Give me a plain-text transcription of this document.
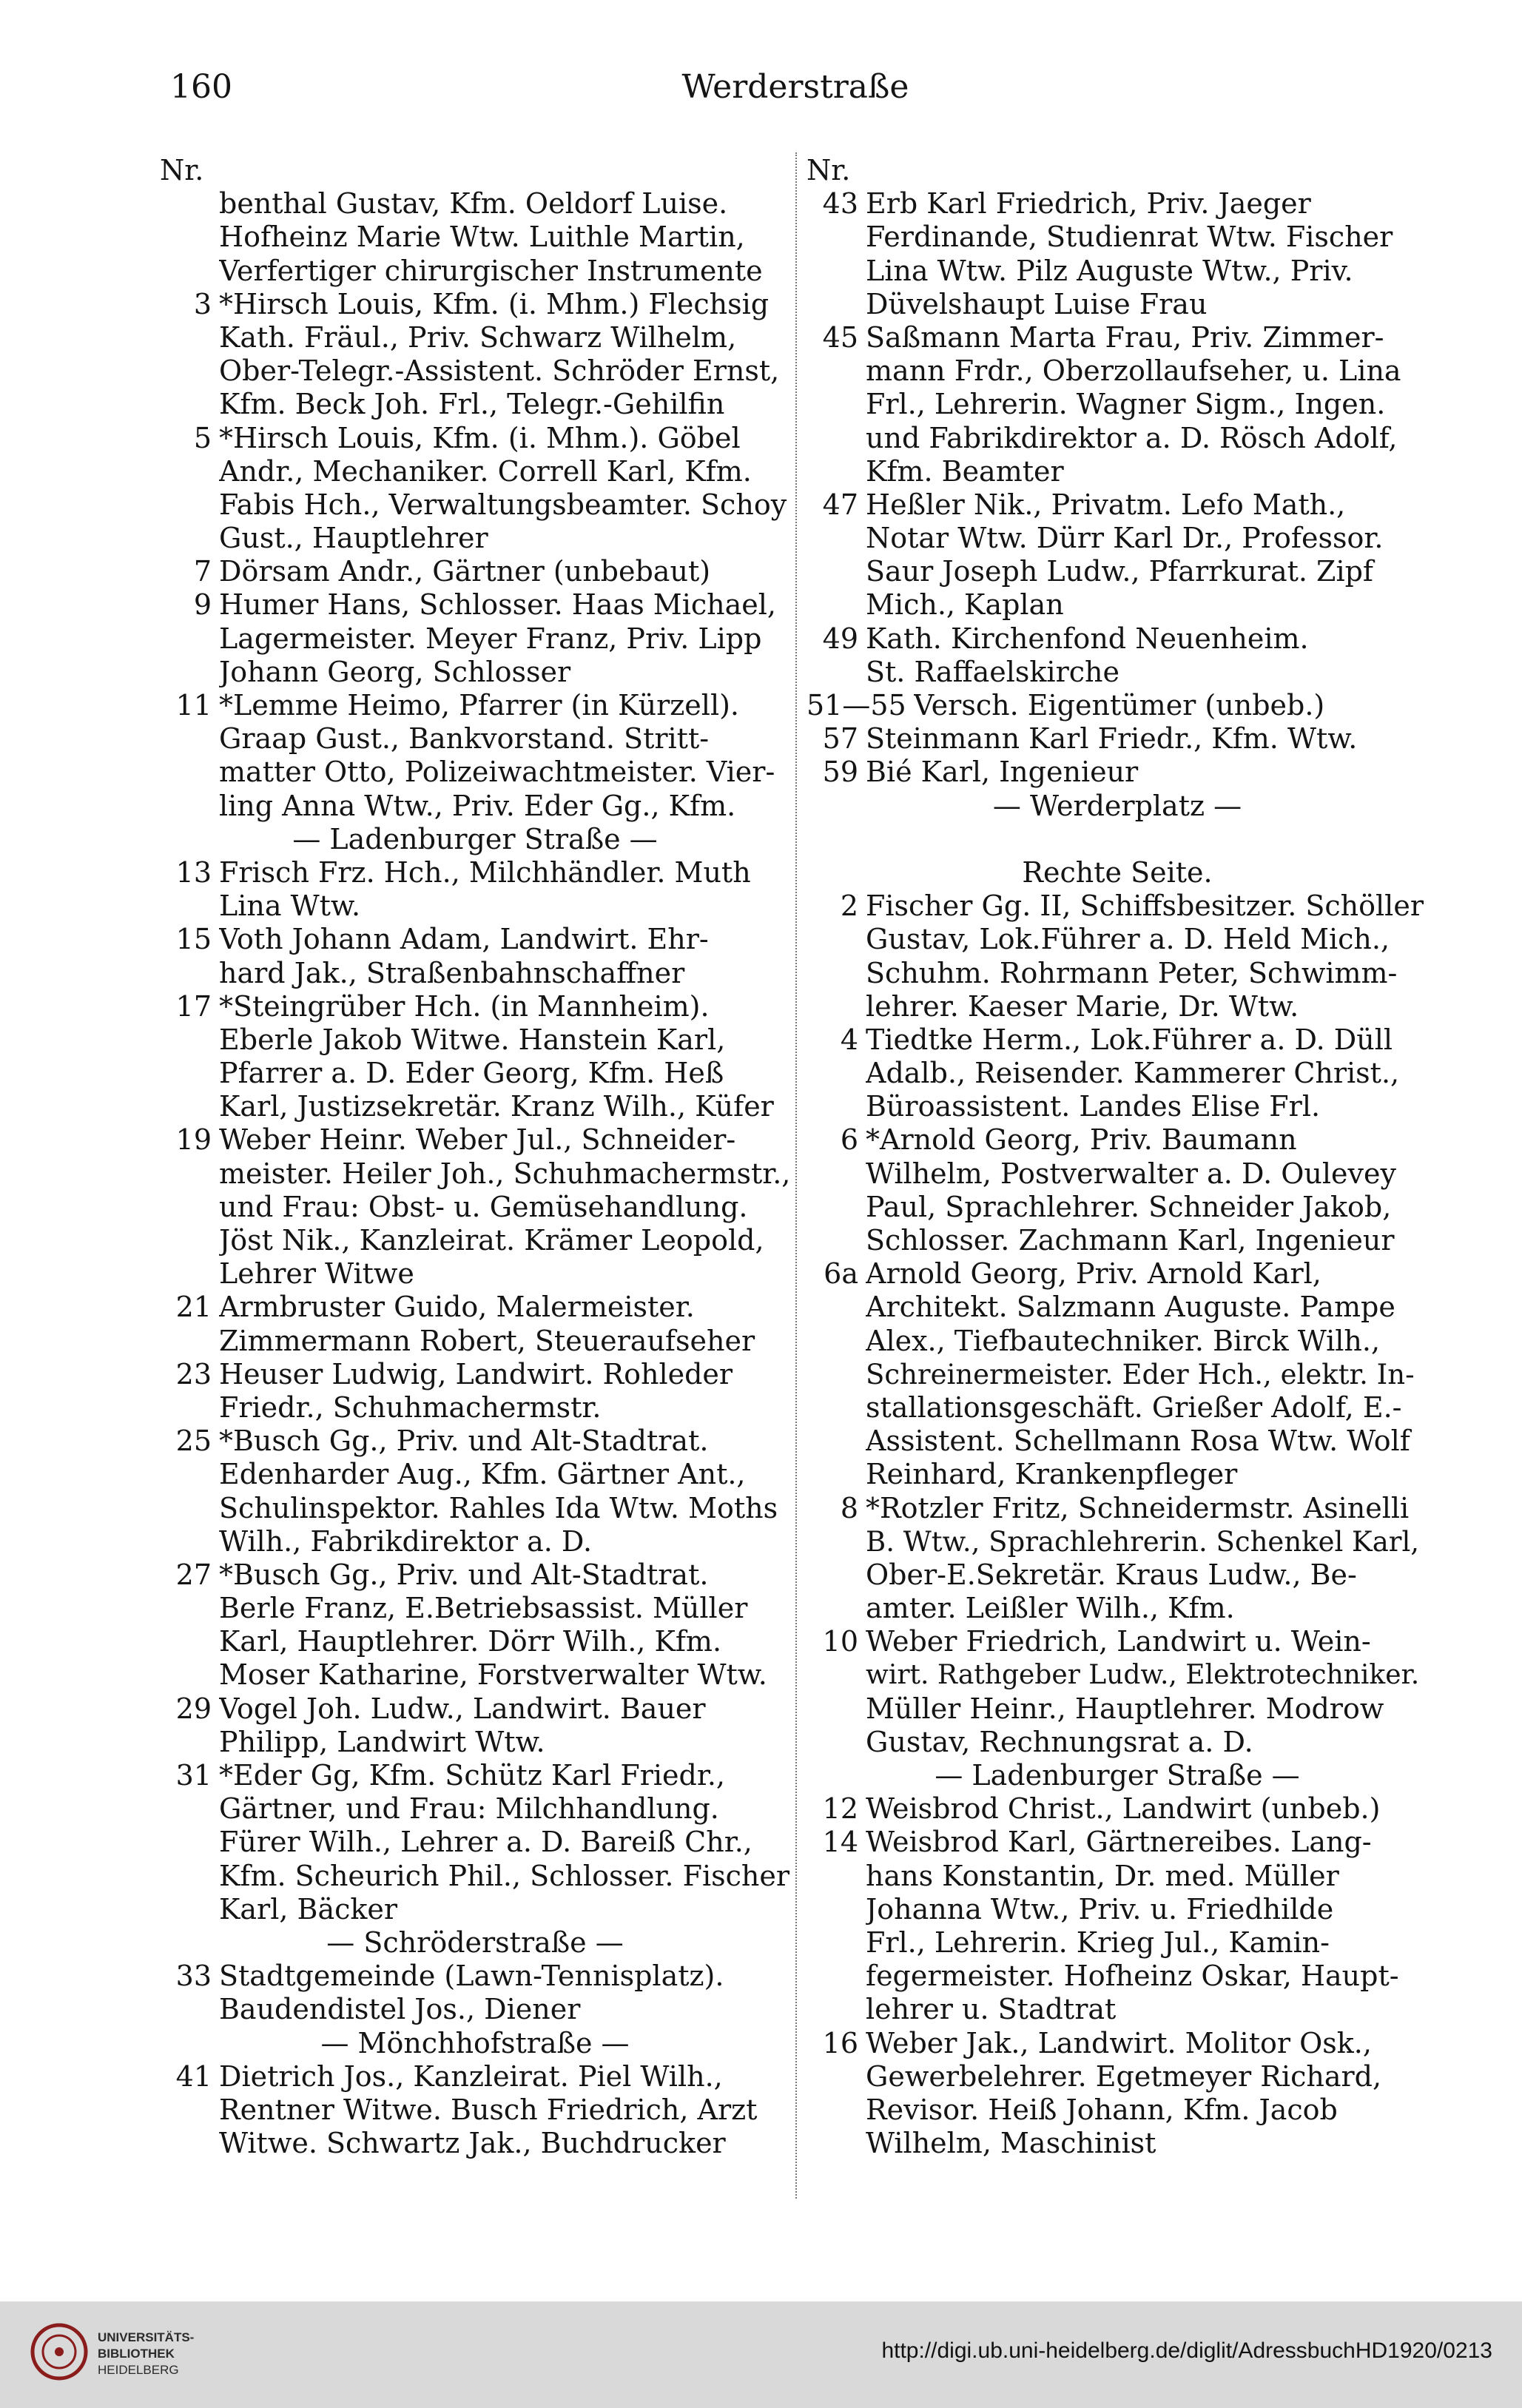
160	Werderstraße
Nr.
benthal Gustav, Kfm. Oeldorf Luise.
Hofheinz Marie Wtw. Luithle Martin,
Verfertiger chirurgischer Instrumente
3 *Hirsch Louis, Kfm. (i. Mhm.) Flechsig
Kath. Fräul., Priv. Schwarz Wilhelm,
Ober-Telegr.-Assistent. Schröder Ernst,
Kfm. Beck Joh. Frl., Telegr.-Gehilfin
5 *Hirsch Louis, Kfm. (i. Mhm.). Göbel
Andr., Mechaniker. Correll Karl, Kfm.
Fabis Hch., Verwaltungsbeamter. Schoy
Gust., Hauptlehrer
7 Dörsam Andr., Gärtner (unbebaut)
9 Humer Hans, Schlosser. Haas Michael,
Lagermeister. Meyer Franz, Priv. Lipp
Johann Georg, Schlosser
11 *Lemme Heimo, Pfarrer (in Kürzell).
Graap Gust., Bankvorstand. Stritt-
matter Otto, Polizeiwachtmeister. Vier-
ling Anna Wtw., Priv. Eder Gg., Kfm.
— Ladenburger Straße —
13 Frisch Frz. Hch., Milchhändler. Muth
Lina Wtw.
15 Voth Johann Adam, Landwirt. Ehr-
hard Jak., Straßenbahnschaffner
17 *Steingrüber Hch. (in Mannheim).
Eberle Jakob Witwe. Hanstein Karl,
Pfarrer a. D. Eder Georg, Kfm. Heß
Karl, Justizsekretär. Kranz Wilh., Küfer
19 Weber Heinr. Weber Jul., Schneider-
meister. Heiler Joh., Schuhmachermstr.,
und Frau: Obst- u. Gemüsehandlung.
Jöst Nik., Kanzleirat. Krämer Leopold,
Lehrer Witwe
21 Armbruster Guido, Malermeister.
Zimmermann Robert, Steueraufseher
23 Heuser Ludwig, Landwirt. Rohleder
Friedr., Schuhmachermstr.
25 *Busch Gg., Priv. und Alt-Stadtrat.
Edenharder Aug., Kfm. Gärtner Ant.,
Schulinspektor. Rahles Ida Wtw. Moths
Wilh., Fabrikdirektor a. D.
27 *Busch Gg., Priv. und Alt-Stadtrat.
Berle Franz, E.Betriebsassist. Müller
Karl, Hauptlehrer. Dörr Wilh., Kfm.
Moser Katharine, Forstverwalter Wtw.
29 Vogel Joh. Ludw., Landwirt. Bauer
Philipp, Landwirt Wtw.
31 *Eder Gg, Kfm. Schütz Karl Friedr.,
Gärtner, und Frau: Milchhandlung.
Fürer Wilh., Lehrer a. D. Bareiß Chr.,
Kfm. Scheurich Phil., Schlosser. Fischer
Karl, Bäcker
— Schröderstraße —
33 Stadtgemeinde (Lawn-Tennisplatz).
Baudendistel Jos., Diener
— Mönchhofstraße —
41 Dietrich Jos., Kanzleirat. Piel Wilh.,
Rentner Witwe. Busch Friedrich, Arzt
Witwe. Schwartz Jak., Buchdrucker
Nr.
43 Erb Karl Friedrich, Priv. Jaeger
Ferdinande, Studienrat Wtw. Fischer
Lina Wtw. Pilz Auguste Wtw., Priv.
Düvelshaupt Luise Frau
45 Saßmann Marta Frau, Priv. Zimmer-
mann Frdr., Oberzollaufseher, u. Lina
Frl., Lehrerin. Wagner Sigm., Ingen.
und Fabrikdirektor a. D. Rösch Adolf,
Kfm. Beamter
47 Heßler Nik., Privatm. Lefo Math.,
Notar Wtw. Dürr Karl Dr., Professor.
Saur Joseph Ludw., Pfarrkurat. Zipf
Mich., Kaplan
49 Kath. Kirchenfond Neuenheim.
St. Raffaelskirche
51—55 Versch. Eigentümer (unbeb.)
57 Steinmann Karl Friedr., Kfm. Wtw.
59 Bié Karl, Ingenieur
— Werderplatz —
Rechte Seite.
2 Fischer Gg. II, Schiffsbesitzer. Schöller
Gustav, Lok.Führer a. D. Held Mich.,
Schuhm. Rohrmann Peter, Schwimm-
lehrer. Kaeser Marie, Dr. Wtw.
4 Tiedtke Herm., Lok.Führer a. D. Düll
Adalb., Reisender. Kammerer Christ.,
Büroassistent. Landes Elise Frl.
6 *Arnold Georg, Priv. Baumann
Wilhelm, Postverwalter a. D. Oulevey
Paul, Sprachlehrer. Schneider Jakob,
Schlosser. Zachmann Karl, Ingenieur
6a Arnold Georg, Priv. Arnold Karl,
Architekt. Salzmann Auguste. Pampe
Alex., Tiefbautechniker. Birck Wilh.,
Schreinermeister. Eder Hch., elektr. In-
stallationsgeschäft. Grießer Adolf, E.-
Assistent. Schellmann Rosa Wtw. Wolf
Reinhard, Krankenpfleger
8 *Rotzler Fritz, Schneidermstr. Asinelli
B. Wtw., Sprachlehrerin. Schenkel Karl,
Ober-E.Sekretär. Kraus Ludw., Be-
amter. Leißler Wilh., Kfm.
10 Weber Friedrich, Landwirt u. Wein-
wirt. Rathgeber Ludw., Elektrotechniker.
Müller Heinr., Hauptlehrer. Modrow
Gustav, Rechnungsrat a. D.
— Ladenburger Straße —
12 Weisbrod Christ., Landwirt (unbeb.)
14 Weisbrod Karl, Gärtnereibes. Lang-
hans Konstantin, Dr. med. Müller
Johanna Wtw., Priv. u. Friedhilde
Frl., Lehrerin. Krieg Jul., Kamin-
fegermeister. Hofheinz Oskar, Haupt-
lehrer u. Stadtrat
16 Weber Jak., Landwirt. Molitor Osk.,
Gewerbelehrer. Egetmeyer Richard,
Revisor. Heiß Johann, Kfm. Jacob
Wilhelm, Maschinist
UNIVERSITÄTS-
BIBLIOTHEK
HEIDELBERG
http://digi.ub.uni-heidelberg.de/diglit/AdressbuchHD1920/0213
